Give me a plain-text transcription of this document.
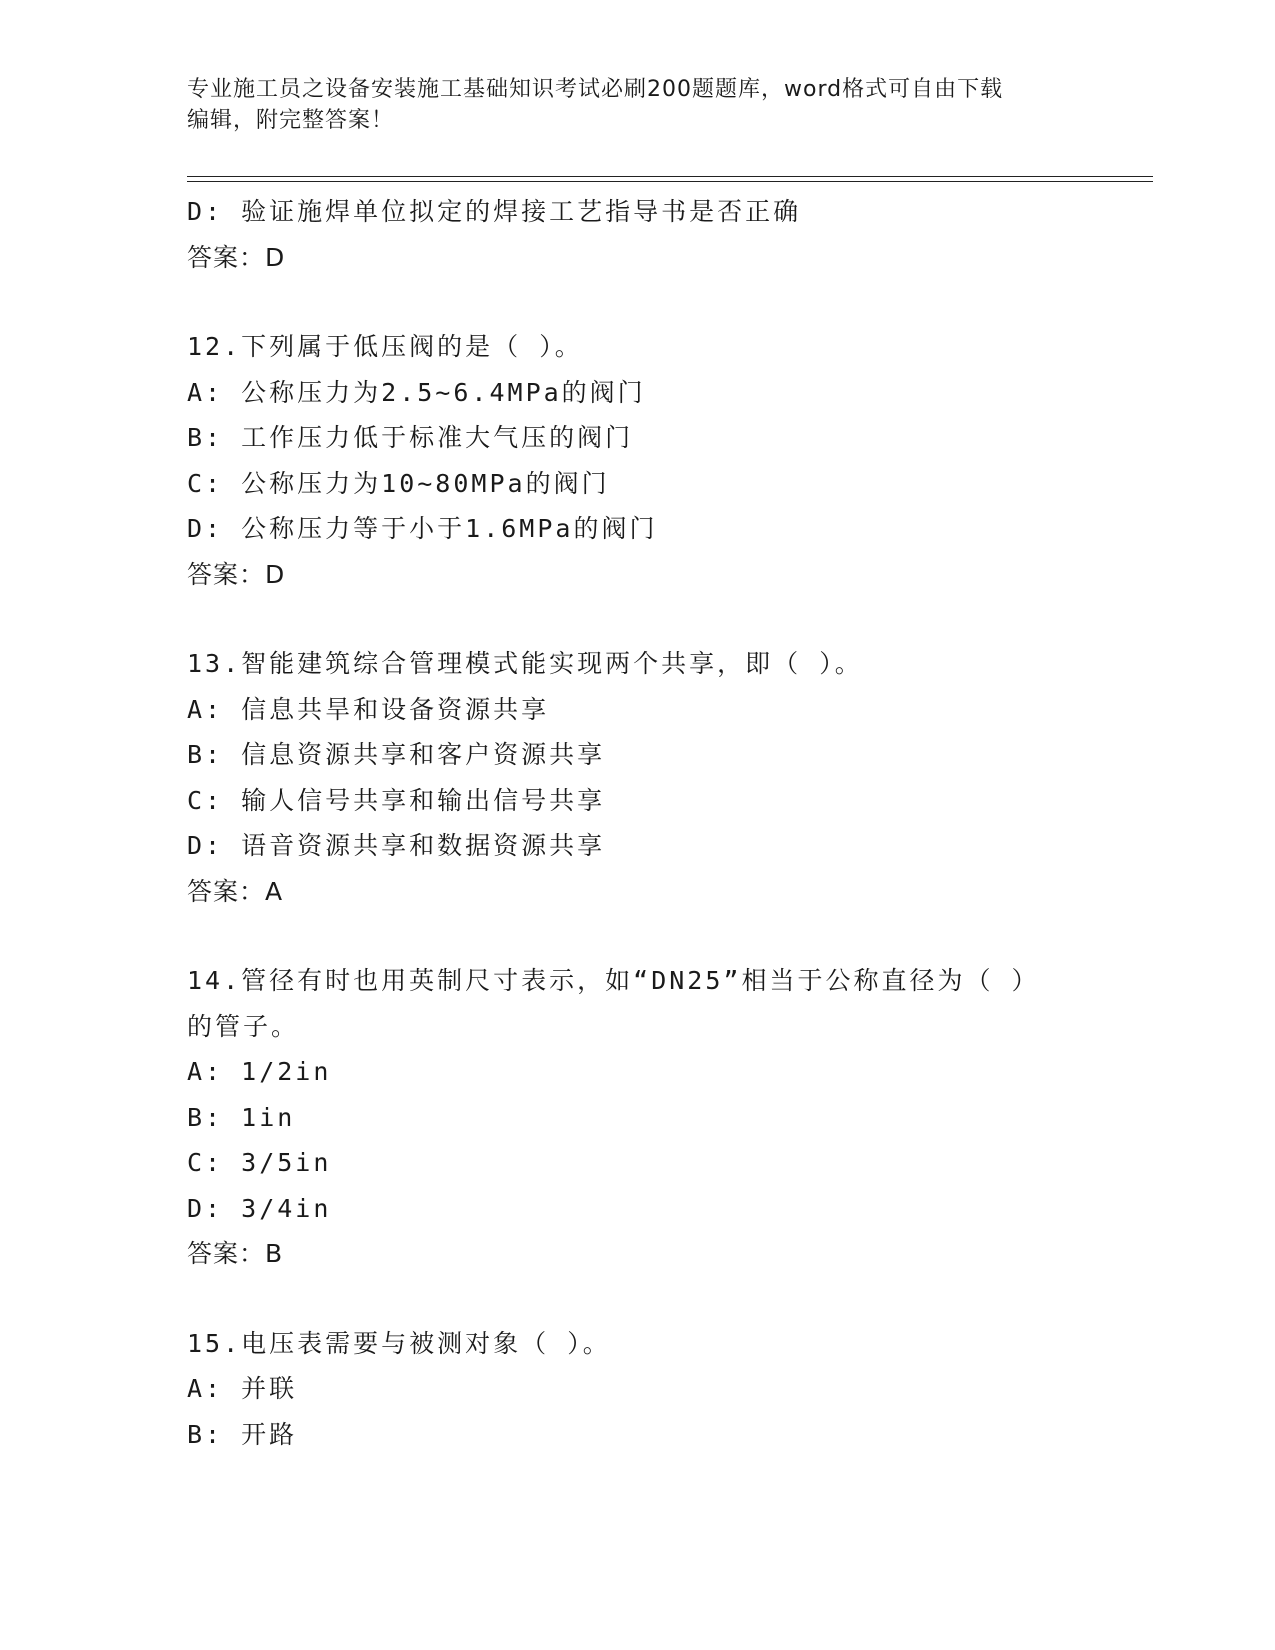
专业施工员之设备安装施工基础知识考试必刷200题题库，word格式可自由下载
编辑，附完整答案！
D: 验证施焊单位拟定的焊接工艺指导书是否正确
答案：D
12.下列属于低压阀的是（ ）。
A: 公称压力为2.5~6.4MPa的阀门
B: 工作压力低于标准大气压的阀门
C: 公称压力为10~80MPa的阀门
D: 公称压力等于小于1.6MPa的阀门
答案：D
13.智能建筑综合管理模式能实现两个共享，即（ ）。
A: 信息共旱和设备资源共享
B: 信息资源共享和客户资源共享
C: 输人信号共享和输出信号共享
D: 语音资源共享和数据资源共享
答案：A
14.管径有时也用英制尺寸表示，如“DN25”相当于公称直径为（ ）
的管子。
A: 1/2in
B: 1in
C: 3/5in
D: 3/4in
答案：B
15.电压表需要与被测对象（ ）。
A: 并联
B: 开路
